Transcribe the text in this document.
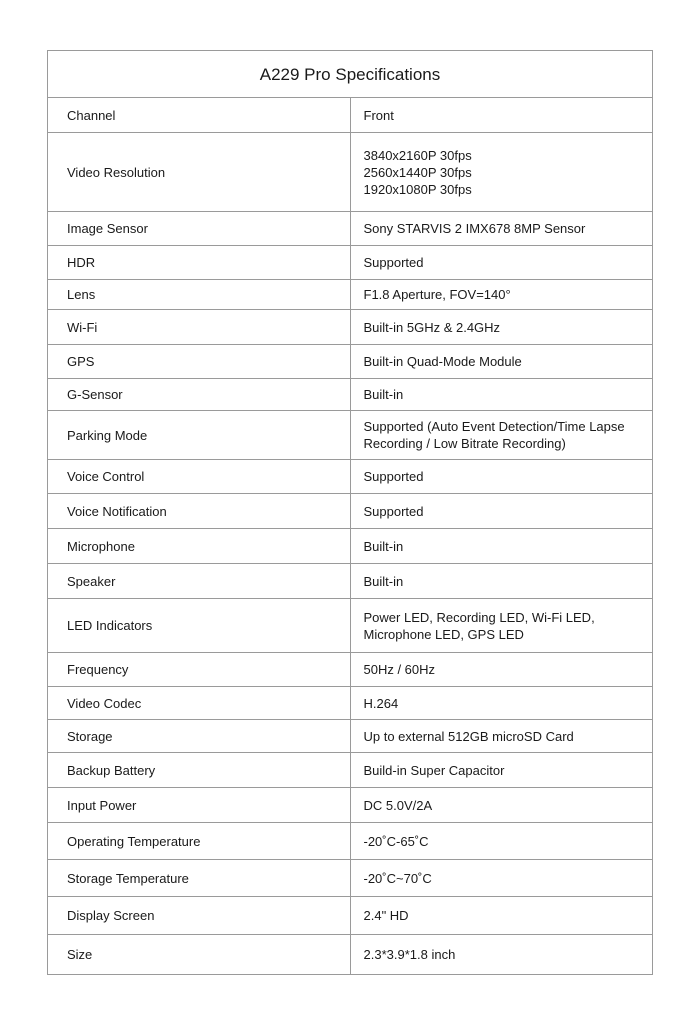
A229 Pro Specifications	
Channel	Front

Video Resolution	3840x2160P 30fps
2560x1440P 30fps
1920x1080P 30fps

Image Sensor	Sony STARVIS 2 IMX678 8MP Sensor

HDR	Supported

Lens	F1.8 Aperture, FOV=140°

Wi-Fi	Built-in 5GHz & 2.4GHz

GPS	Built-in Quad-Mode Module

G-Sensor	Built-in

Parking Mode	Supported (Auto Event Detection/Time Lapse Recording / Low Bitrate Recording)

Voice Control	Supported

Voice Notification	Supported

Microphone	Built-in

Speaker	Built-in

LED Indicators	Power LED, Recording LED, Wi-Fi LED, Microphone LED, GPS LED

Frequency	50Hz / 60Hz

Video Codec	H.264

Storage	Up to external 512GB microSD Card

Backup Battery	Build-in Super Capacitor

Input Power	DC 5.0V/2A

Operating Temperature	-20˚C-65˚C

Storage Temperature	-20˚C~70˚C

Display Screen	2.4" HD

Size	2.3*3.9*1.8 inch
